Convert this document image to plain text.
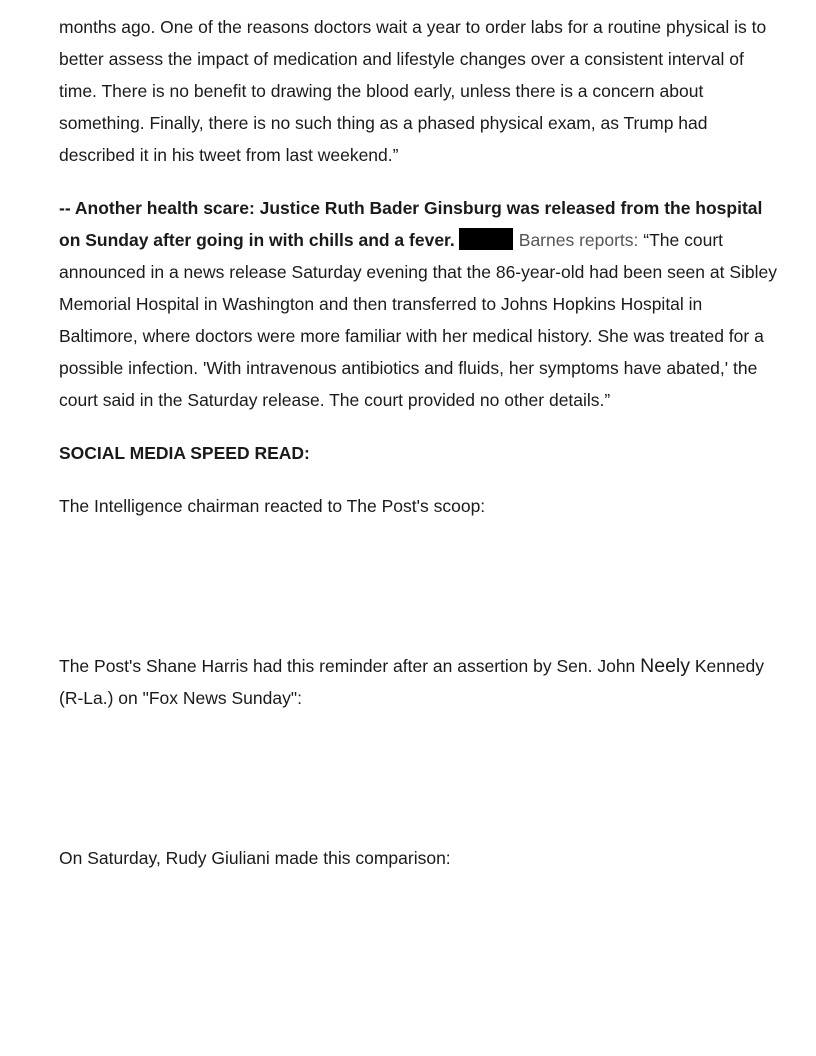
months ago. One of the reasons doctors wait a year to order labs for a routine physical is to better assess the impact of medication and lifestyle changes over a consistent interval of time. There is no benefit to drawing the blood early, unless there is a concern about something. Finally, there is no such thing as a phased physical exam, as Trump had described it in his tweet from last weekend.”

-- Another health scare: Justice Ruth Bader Ginsburg was released from the hospital on Sunday after going in with chills and a fever.	Barnes reports: “The court announced in a news release Saturday evening that the 86-year-old had been seen at Sibley Memorial Hospital in Washington and then transferred to Johns Hopkins Hospital in Baltimore, where doctors were more familiar with her medical history. She was treated for a possible infection. 'With intravenous antibiotics and fluids, her symptoms have abated,' the court said in the Saturday release. The court provided no other details.”

SOCIAL MEDIA SPEED READ:

The Intelligence chairman reacted to The Post's scoop:

The Post's Shane Harris had this reminder after an assertion by Sen. John Neely Kennedy (R-La.) on "Fox News Sunday":

On Saturday, Rudy Giuliani made this comparison:
